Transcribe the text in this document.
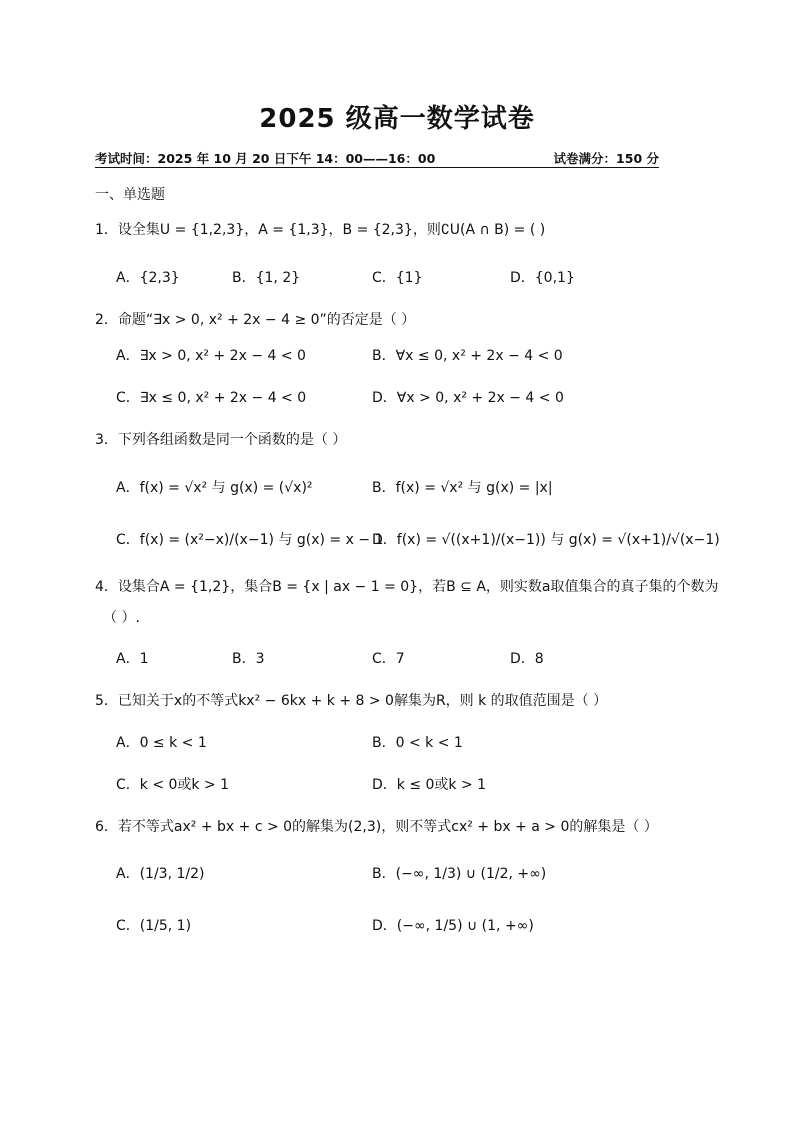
2025 级高一数学试卷
考试时间：2025 年 10 月 20 日下午 14：00——16：00	试卷满分：150 分
一、单选题
1．设全集U = {1,2,3}，A = {1,3}，B = {2,3}，则∁U(A ∩ B) = ( )
A．{2,3}	B．{1, 2}	C．{1}	D．{0,1}
2．命题“∃x > 0, x² + 2x − 4 ≥ 0”的否定是（ ）
A．∃x > 0, x² + 2x − 4 < 0	B．∀x ≤ 0, x² + 2x − 4 < 0
C．∃x ≤ 0, x² + 2x − 4 < 0	D．∀x > 0, x² + 2x − 4 < 0
3．下列各组函数是同一个函数的是（ ）
A．f(x) = √x² 与 g(x) = (√x)²	B．f(x) = √x² 与 g(x) = |x|
C．f(x) = (x²−x)/(x−1) 与 g(x) = x − 1
D．f(x) = √((x+1)/(x−1)) 与 g(x) = √(x+1)/√(x−1)
4．设集合A = {1,2}，集合B = {x | ax − 1 = 0}，若B ⊆ A，则实数a取值集合的真子集的个数为
（ ）.
A．1	B．3	C．7	D．8
5．已知关于x的不等式kx² − 6kx + k + 8 > 0解集为R，则 k 的取值范围是（ ）
A．0 ≤ k < 1	B．0 < k < 1
C．k < 0或k > 1	D．k ≤ 0或k > 1
6．若不等式ax² + bx + c > 0的解集为(2,3)，则不等式cx² + bx + a > 0的解集是（ ）
A．(1/3, 1/2)	B．(−∞, 1/3) ∪ (1/2, +∞)
C．(1/5, 1)	D．(−∞, 1/5) ∪ (1, +∞)
